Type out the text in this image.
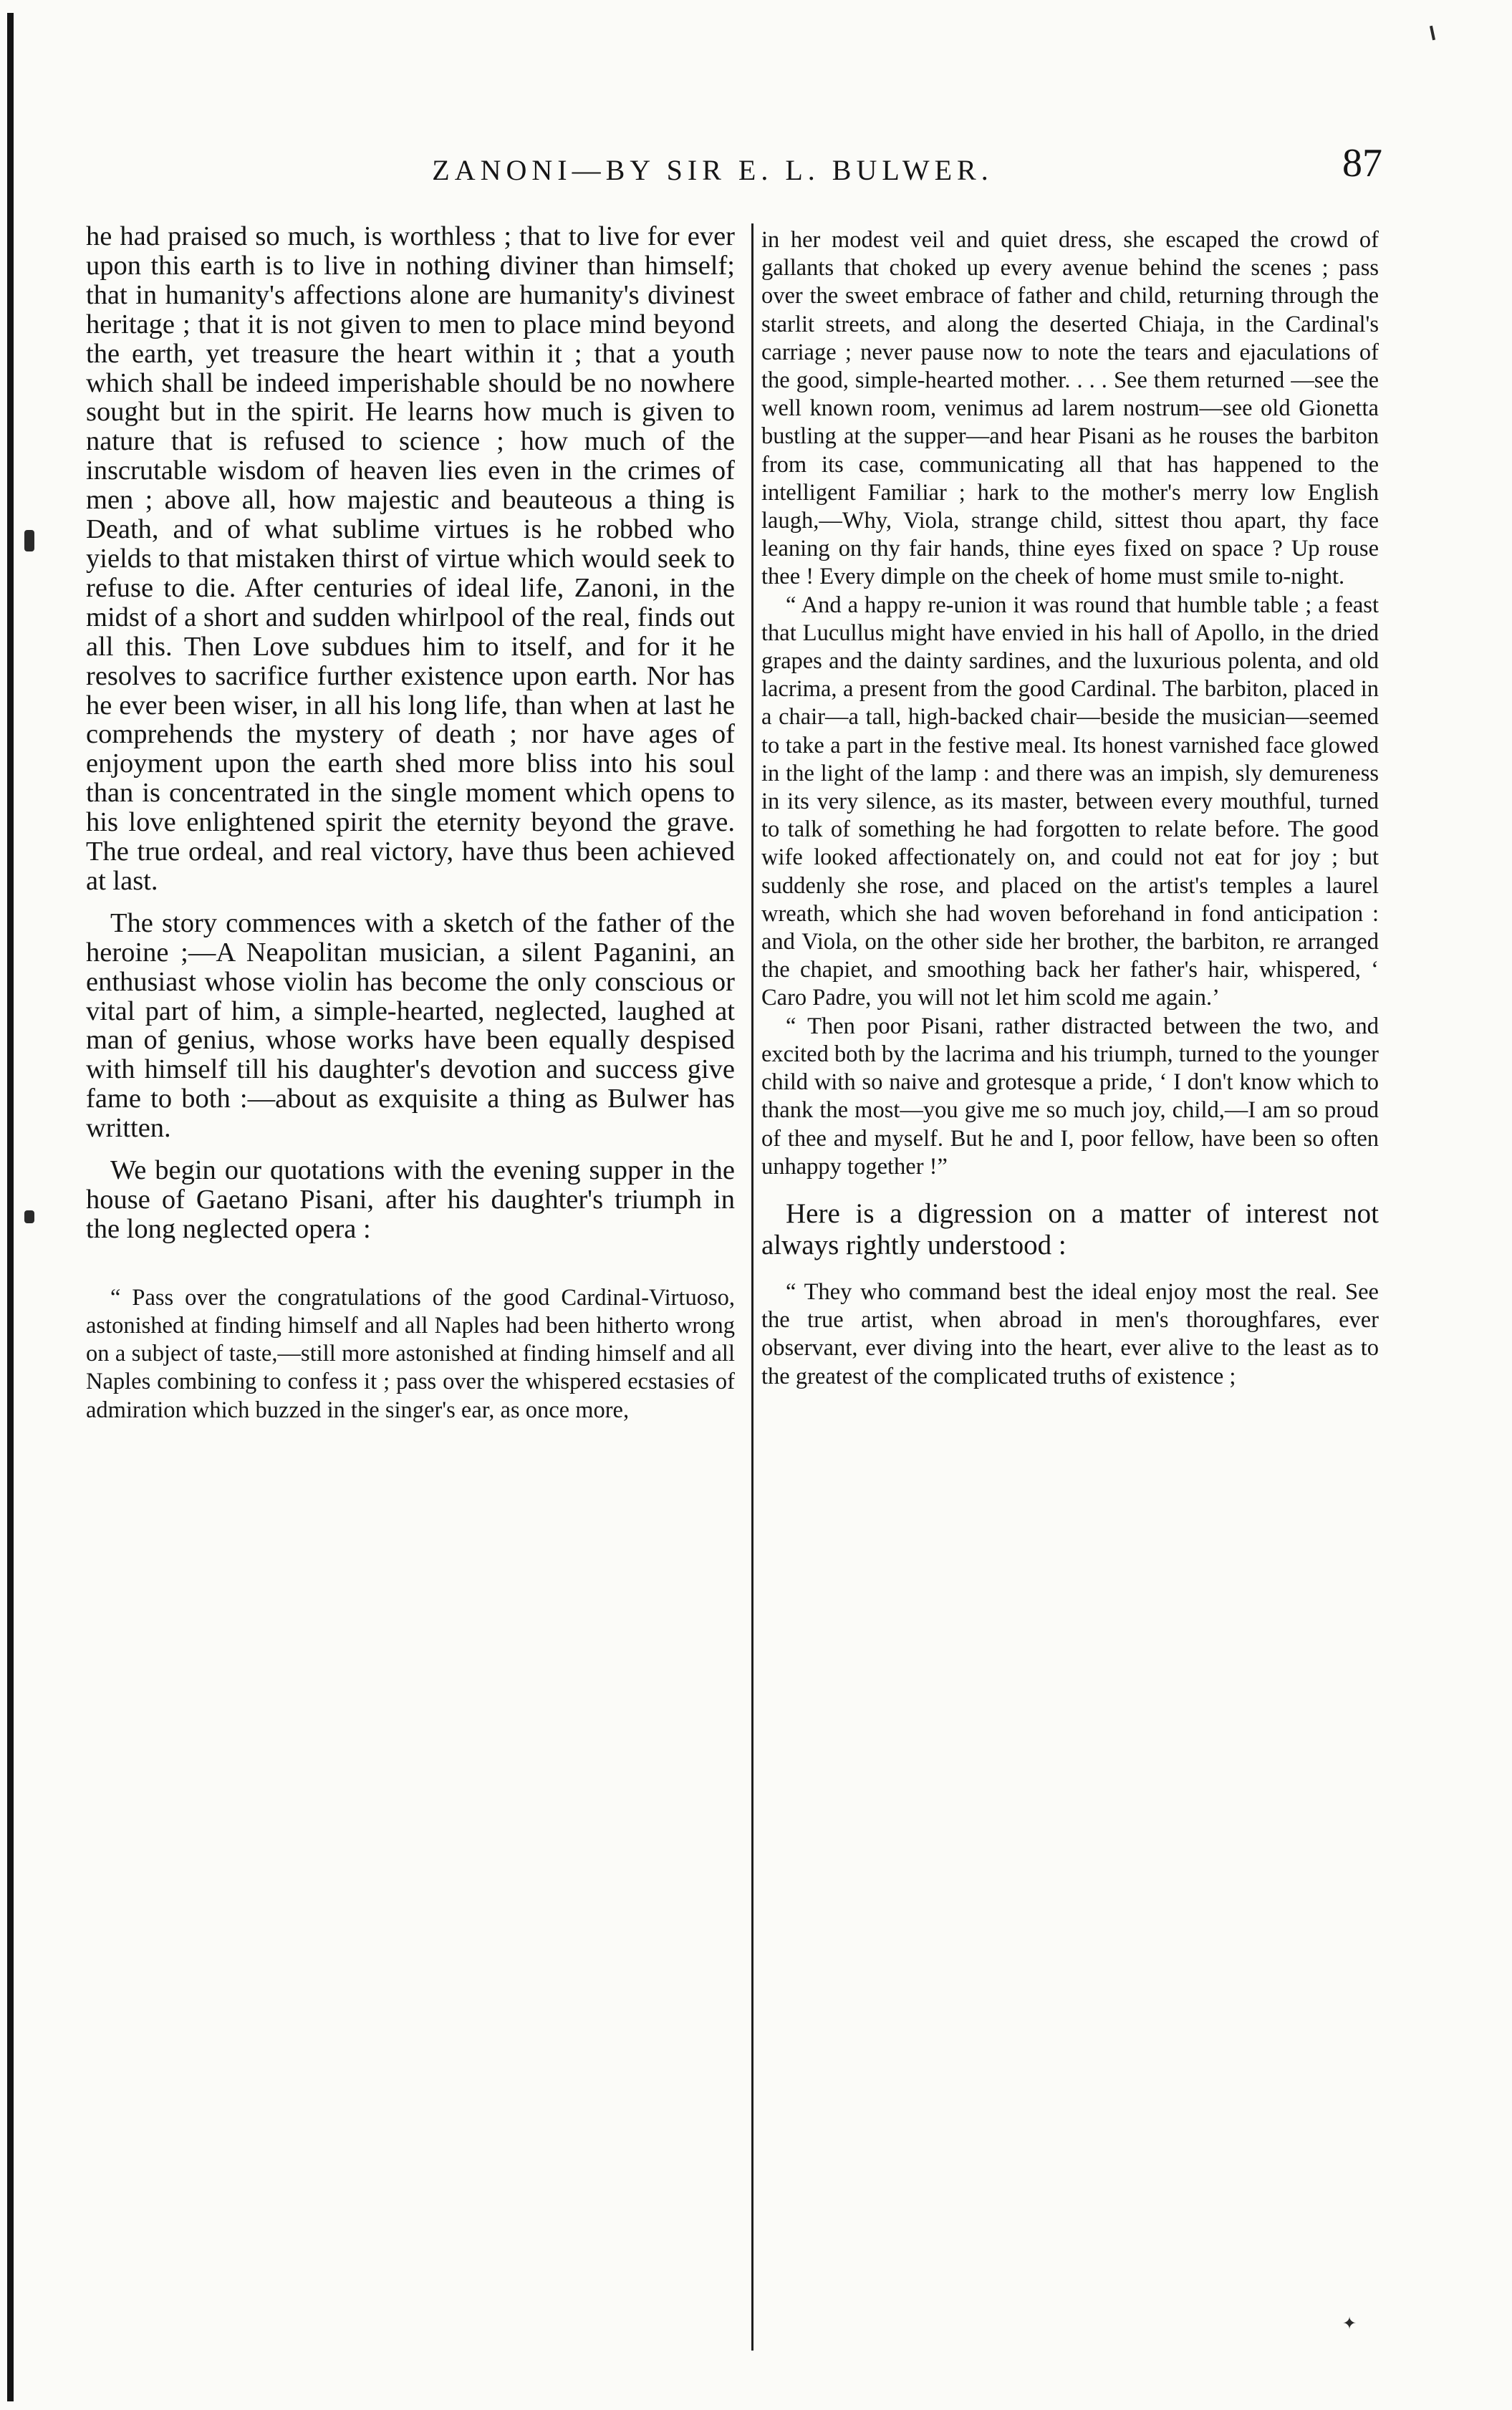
ZANONI—BY SIR E. L. BULWER.	87

he had praised so much, is worthless ; that to live for ever upon this earth is to live in nothing diviner than himself; that in humanity's affections alone are humanity's divinest heritage ; that it is not given to men to place mind beyond the earth, yet treasure the heart within it ; that a youth which shall be indeed imperishable should be no nowhere sought but in the spirit. He learns how much is given to nature that is refused to science ; how much of the inscrutable wisdom of heaven lies even in the crimes of men ; above all, how majestic and beauteous a thing is Death, and of what sublime virtues is he robbed who yields to that mistaken thirst of virtue which would seek to refuse to die. After centuries of ideal life, Zanoni, in the midst of a short and sudden whirlpool of the real, finds out all this. Then Love subdues him to itself, and for it he resolves to sacrifice further existence upon earth. Nor has he ever been wiser, in all his long life, than when at last he comprehends the mystery of death ; nor have ages of enjoyment upon the earth shed more bliss into his soul than is concentrated in the single moment which opens to his love enlightened spirit the eternity beyond the grave. The true ordeal, and real victory, have thus been achieved at last.

The story commences with a sketch of the father of the heroine ;—A Neapolitan musician, a silent Paganini, an enthusiast whose violin has become the only conscious or vital part of him, a simple-hearted, neglected, laughed at man of genius, whose works have been equally despised with himself till his daughter's devotion and success give fame to both :—about as exquisite a thing as Bulwer has written.

We begin our quotations with the evening supper in the house of Gaetano Pisani, after his daughter's triumph in the long neglected opera :

“ Pass over the congratulations of the good Cardinal-Virtuoso, astonished at finding himself and all Naples had been hitherto wrong on a subject of taste,—still more astonished at finding himself and all Naples combining to confess it ; pass over the whispered ecstasies of admiration which buzzed in the singer's ear, as once more,

in her modest veil and quiet dress, she escaped the crowd of gallants that choked up every avenue behind the scenes ; pass over the sweet embrace of father and child, returning through the starlit streets, and along the deserted Chiaja, in the Cardinal's carriage ; never pause now to note the tears and ejaculations of the good, simple-hearted mother. . . . See them returned —see the well known room, venimus ad larem nostrum—see old Gionetta bustling at the supper—and hear Pisani as he rouses the barbiton from its case, communicating all that has happened to the intelligent Familiar ; hark to the mother's merry low English laugh,—Why, Viola, strange child, sittest thou apart, thy face leaning on thy fair hands, thine eyes fixed on space ? Up rouse thee ! Every dimple on the cheek of home must smile to-night.

“ And a happy re-union it was round that humble table ; a feast that Lucullus might have envied in his hall of Apollo, in the dried grapes and the dainty sardines, and the luxurious polenta, and old lacrima, a present from the good Cardinal. The barbiton, placed in a chair—a tall, high-backed chair—beside the musician—seemed to take a part in the festive meal. Its honest varnished face glowed in the light of the lamp : and there was an impish, sly demureness in its very silence, as its master, between every mouthful, turned to talk of something he had forgotten to relate before. The good wife looked affectionately on, and could not eat for joy ; but suddenly she rose, and placed on the artist's temples a laurel wreath, which she had woven beforehand in fond anticipation : and Viola, on the other side her brother, the barbiton, re arranged the chapiet, and smoothing back her father's hair, whispered, ‘ Caro Padre, you will not let him scold me again.’

“ Then poor Pisani, rather distracted between the two, and excited both by the lacrima and his triumph, turned to the younger child with so naive and grotesque a pride, ‘ I don't know which to thank the most—you give me so much joy, child,—I am so proud of thee and myself. But he and I, poor fellow, have been so often unhappy together !”

Here is a digression on a matter of interest not always rightly understood :

“ They who command best the ideal enjoy most the real. See the true artist, when abroad in men's thoroughfares, ever observant, ever diving into the heart, ever alive to the least as to the greatest of the complicated truths of existence ;

✦
